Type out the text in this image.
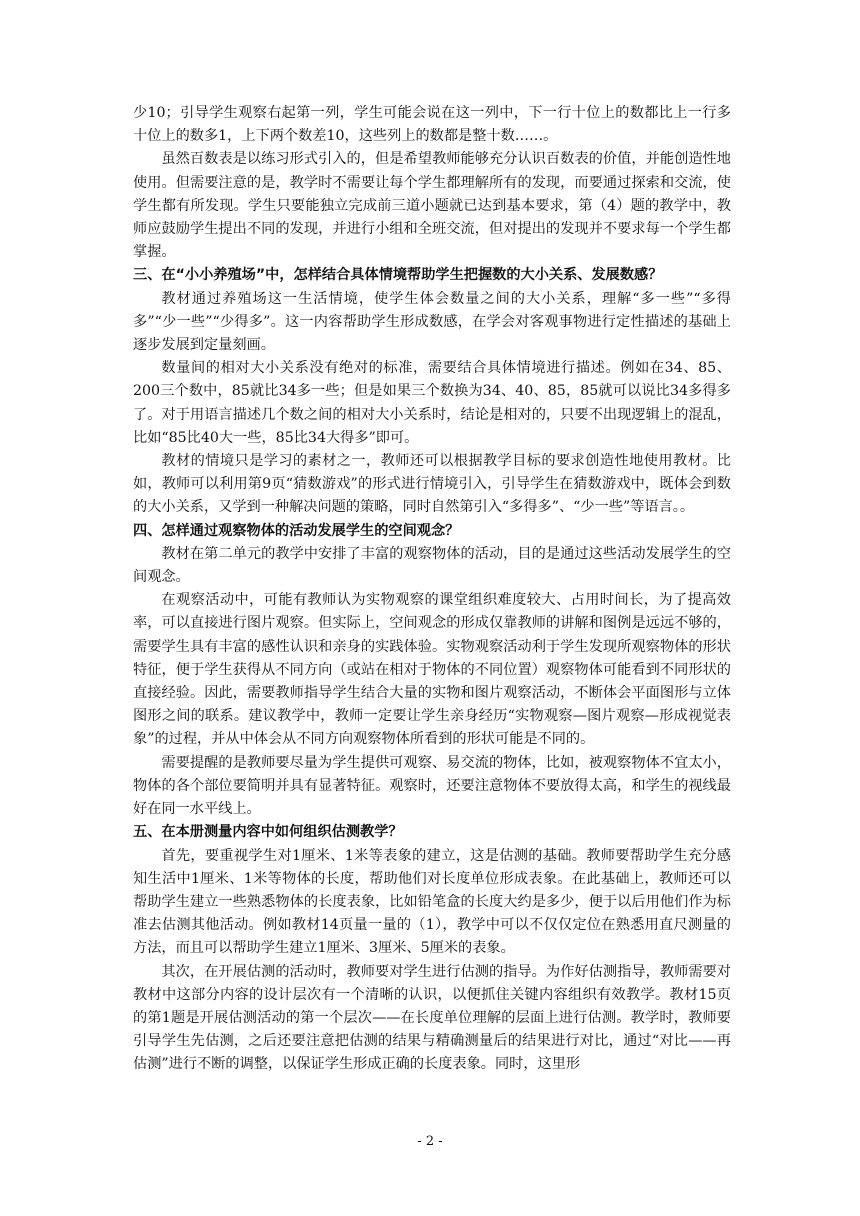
少10；引导学生观察右起第一列，学生可能会说在这一列中，下一行十位上的数都比上一行多十位上的数多1，上下两个数差10，这些列上的数都是整十数……。

虽然百数表是以练习形式引入的，但是希望教师能够充分认识百数表的价值，并能创造性地使用。但需要注意的是，教学时不需要让每个学生都理解所有的发现，而要通过探索和交流，使学生都有所发现。学生只要能独立完成前三道小题就已达到基本要求，第（4）题的教学中，教师应鼓励学生提出不同的发现，并进行小组和全班交流，但对提出的发现并不要求每一个学生都掌握。

三、在“小小养殖场”中，怎样结合具体情境帮助学生把握数的大小关系、发展数感？

教材通过养殖场这一生活情境，使学生体会数量之间的大小关系，理解“多一些”“多得多”“少一些”“少得多”。这一内容帮助学生形成数感，在学会对客观事物进行定性描述的基础上逐步发展到定量刻画。

数量间的相对大小关系没有绝对的标准，需要结合具体情境进行描述。例如在34、85、200三个数中，85就比34多一些；但是如果三个数换为34、40、85，85就可以说比34多得多了。对于用语言描述几个数之间的相对大小关系时，结论是相对的，只要不出现逻辑上的混乱，比如“85比40大一些，85比34大得多”即可。

教材的情境只是学习的素材之一，教师还可以根据教学目标的要求创造性地使用教材。比如，教师可以利用第9页“猜数游戏”的形式进行情境引入，引导学生在猜数游戏中，既体会到数的大小关系，又学到一种解决问题的策略，同时自然第引入“多得多”、“少一些”等语言。。

四、怎样通过观察物体的活动发展学生的空间观念？

教材在第二单元的教学中安排了丰富的观察物体的活动，目的是通过这些活动发展学生的空间观念。

在观察活动中，可能有教师认为实物观察的课堂组织难度较大、占用时间长，为了提高效率，可以直接进行图片观察。但实际上，空间观念的形成仅靠教师的讲解和图例是远远不够的，需要学生具有丰富的感性认识和亲身的实践体验。实物观察活动利于学生发现所观察物体的形状特征，便于学生获得从不同方向（或站在相对于物体的不同位置）观察物体可能看到不同形状的直接经验。因此，需要教师指导学生结合大量的实物和图片观察活动，不断体会平面图形与立体图形之间的联系。建议教学中，教师一定要让学生亲身经历“实物观察—图片观察—形成视觉表象”的过程，并从中体会从不同方向观察物体所看到的形状可能是不同的。

需要提醒的是教师要尽量为学生提供可观察、易交流的物体，比如，被观察物体不宜太小，物体的各个部位要简明并具有显著特征。观察时，还要注意物体不要放得太高，和学生的视线最好在同一水平线上。

五、在本册测量内容中如何组织估测教学？

首先，要重视学生对1厘米、1米等表象的建立，这是估测的基础。教师要帮助学生充分感知生活中1厘米、1米等物体的长度，帮助他们对长度单位形成表象。在此基础上，教师还可以帮助学生建立一些熟悉物体的长度表象，比如铅笔盒的长度大约是多少，便于以后用他们作为标准去估测其他活动。例如教材14页量一量的（1），教学中可以不仅仅定位在熟悉用直尺测量的方法，而且可以帮助学生建立1厘米、3厘米、5厘米的表象。

其次，在开展估测的活动时，教师要对学生进行估测的指导。为作好估测指导，教师需要对教材中这部分内容的设计层次有一个清晰的认识，以便抓住关键内容组织有效教学。教材15页的第1题是开展估测活动的第一个层次——在长度单位理解的层面上进行估测。教学时，教师要引导学生先估测，之后还要注意把估测的结果与精确测量后的结果进行对比，通过“对比——再估测”进行不断的调整，以保证学生形成正确的长度表象。同时，这里形

- 2 -
